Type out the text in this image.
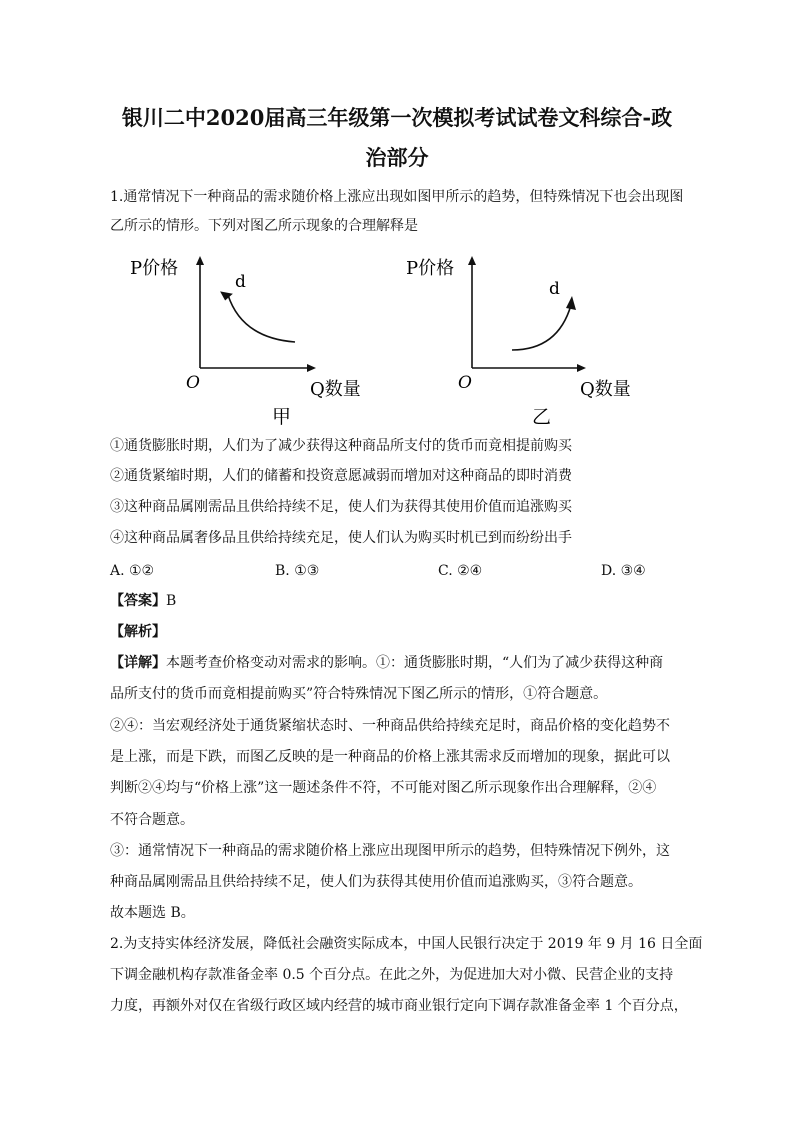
银川二中2020届高三年级第一次模拟考试试卷文科综合-政
治部分
1.通常情况下一种商品的需求随价格上涨应出现如图甲所示的趋势，但特殊情况下也会出现图
乙所示的情形。下列对图乙所示现象的合理解释是
P价格
Q数量
O
d
甲
P价格
Q数量
O
d
乙
①通货膨胀时期，人们为了减少获得这种商品所支付的货币而竟相提前购买
②通货紧缩时期，人们的储蓄和投资意愿减弱而增加对这种商品的即时消费
③这种商品属刚需品且供给持续不足，使人们为获得其使用价值而追涨购买
④这种商品属奢侈品且供给持续充足，使人们认为购买时机已到而纷纷出手
A. ①②	B. ①③	C. ②④	D. ③④
【答案】B
【解析】
【详解】本题考查价格变动对需求的影响。①：通货膨胀时期，“人们为了减少获得这种商
品所支付的货币而竟相提前购买”符合特殊情况下图乙所示的情形，①符合题意。
②④：当宏观经济处于通货紧缩状态时、一种商品供给持续充足时，商品价格的变化趋势不
是上涨，而是下跌，而图乙反映的是一种商品的价格上涨其需求反而增加的现象，据此可以
判断②④均与“价格上涨”这一题述条件不符，不可能对图乙所示现象作出合理解释，②④
不符合题意。
③：通常情况下一种商品的需求随价格上涨应出现图甲所示的趋势，但特殊情况下例外，这
种商品属刚需品且供给持续不足，使人们为获得其使用价值而追涨购买，③符合题意。
故本题选 B。
2.为支持实体经济发展，降低社会融资实际成本，中国人民银行决定于 2019 年 9 月 16 日全面
下调金融机构存款准备金率 0.5 个百分点。在此之外，为促进加大对小微、民营企业的支持
力度，再额外对仅在省级行政区域内经营的城市商业银行定向下调存款准备金率 1 个百分点，
